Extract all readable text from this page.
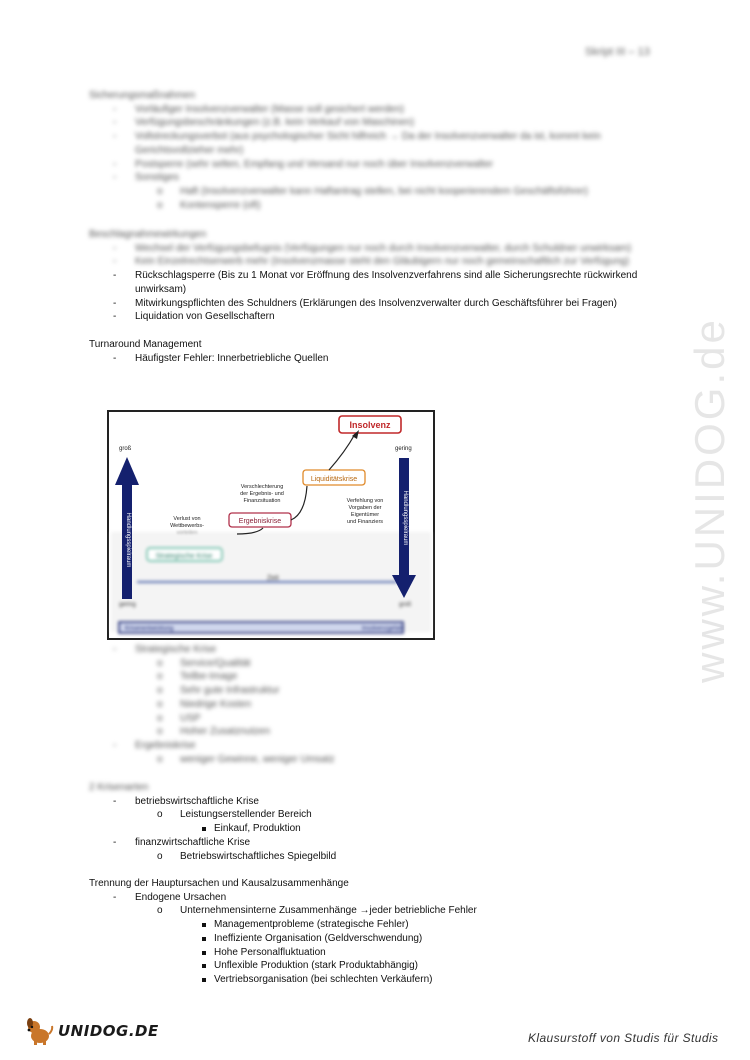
Skript III – 13
www.UNIDOG.de
Sicherungsmaßnahmen
-	Vorläufiger Insolvenzverwalter (Masse soll gesichert werden)
-	Verfügungsbeschränkungen (z.B. kein Verkauf von Maschinen)
-	Vollstreckungsverbot (aus psychologischer Sicht hilfreich → Da der Insolvenzverwalter da ist, kommt kein
Gerichtsvollzieher mehr)
-	Postsperre (sehr selten, Empfang und Versand nur noch über Insolvenzverwalter
-	Sonstiges
o	Haft (Insolvenzverwalter kann Haftantrag stellen, bei nicht kooperierendem Geschäftsführer)
o	Kontensperre (oft)
Beschlagnahmewirkungen
-	Wechsel der Verfügungsbefugnis (Verfügungen nur noch durch Insolvenzverwalter, durch Schuldner unwirksam)
-	Kein Einzelrechtserwerb mehr (Insolvenzmasse steht den Gläubigern nur noch gemeinschaftlich zur Verfügung)
-	Rückschlagsperre (Bis zu 1 Monat vor Eröffnung des Insolvenzverfahrens sind alle Sicherungsrechte rückwirkend
unwirksam)
-	Mitwirkungspflichten des Schuldners (Erklärungen des Insolvenzverwalter durch Geschäftsführer bei Fragen)
-	Liquidation von Gesellschaftern
Turnaround Management
-	Häufigster Fehler: Innerbetriebliche Quellen
Strategische Krise
Zeit
gering	groß
Krisenentwicklung	Insolvenzgefahr
Handlungsspielraum
groß
Handlungsspielraum
gering
Insolvenz
Liquiditätskrise
Ergebniskrise
Verschlechterung
der Ergebnis- und
Finanzsituation	Verfehlung von
Vorgaben der
Eigentümer
und Finanziers
Verlust von
Wettbewerbs-
vorteilen
-	Strategische Krise
o	Service/Qualität
o	Teilbe-Image
o	Sehr gute Infrastruktur
o	Niedrige Kosten
o	USP
o	Hoher Zusatznutzen
-	Ergebniskrise
o	weniger Gewinne, weniger Umsatz
2 Krisenarten
-	betriebswirtschaftliche Krise
o	Leistungserstellender Bereich
Einkauf, Produktion
-	finanzwirtschaftliche Krise
o	Betriebswirtschaftliches Spiegelbild
Trennung der Hauptursachen und Kausalzusammenhänge
-	Endogene Ursachen
o	Unternehmensinterne Zusammenhänge →jeder betriebliche Fehler
Managementprobleme (strategische Fehler)
Ineffiziente Organisation (Geldverschwendung)
Hohe Personalfluktuation
Unflexible Produktion (stark Produktabhängig)
Vertriebsorganisation (bei schlechten Verkäufern)
UNIDOG.DE	Klausurstoff von Studis für Studis
